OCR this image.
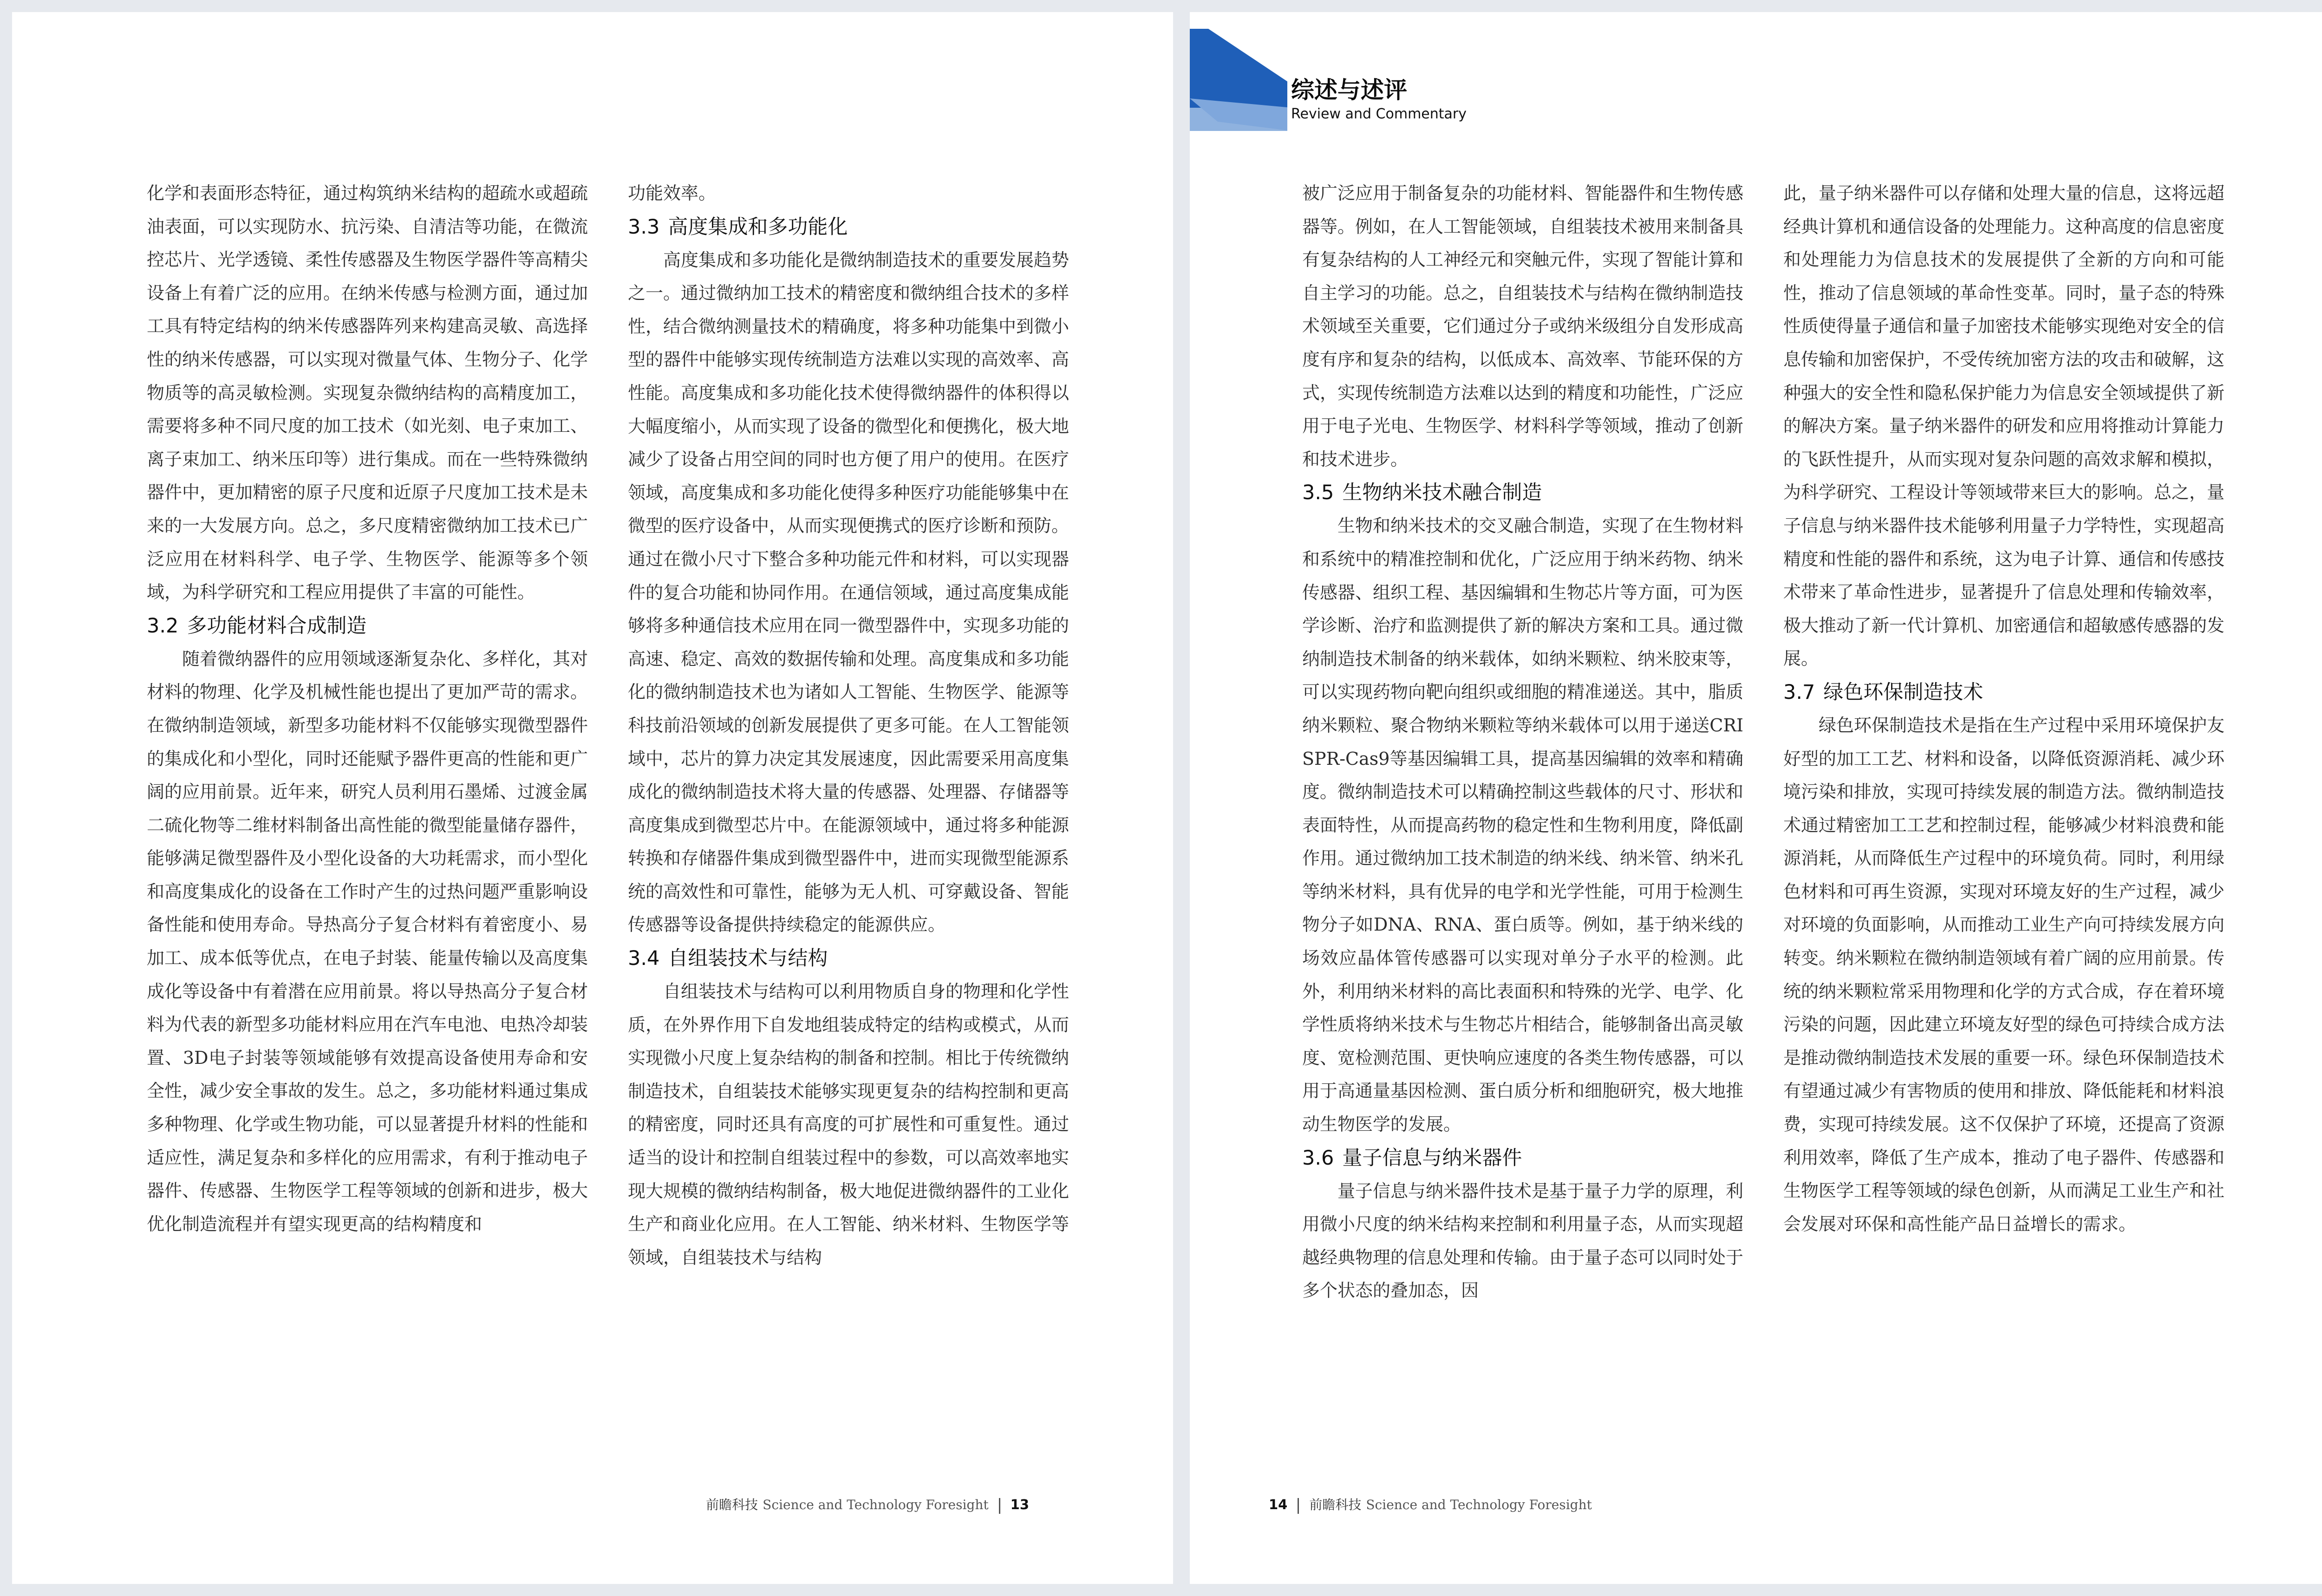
化学和表面形态特征，通过构筑纳米结构的超疏水或超疏油表面，可以实现防水、抗污染、自清洁等功能，在微流控芯片、光学透镜、柔性传感器及生物医学器件等高精尖设备上有着广泛的应用。在纳米传感与检测方面，通过加工具有特定结构的纳米传感器阵列来构建高灵敏、高选择性的纳米传感器，可以实现对微量气体、生物分子、化学物质等的高灵敏检测。实现复杂微纳结构的高精度加工，需要将多种不同尺度的加工技术（如光刻、电子束加工、离子束加工、纳米压印等）进行集成。而在一些特殊微纳器件中，更加精密的原子尺度和近原子尺度加工技术是未来的一大发展方向。总之，多尺度精密微纳加工技术已广泛应用在材料科学、电子学、生物医学、能源等多个领域，为科学研究和工程应用提供了丰富的可能性。

3.2 多功能材料合成制造

随着微纳器件的应用领域逐渐复杂化、多样化，其对材料的物理、化学及机械性能也提出了更加严苛的需求。在微纳制造领域，新型多功能材料不仅能够实现微型器件的集成化和小型化，同时还能赋予器件更高的性能和更广阔的应用前景。近年来，研究人员利用石墨烯、过渡金属二硫化物等二维材料制备出高性能的微型能量储存器件，能够满足微型器件及小型化设备的大功耗需求，而小型化和高度集成化的设备在工作时产生的过热问题严重影响设备性能和使用寿命。导热高分子复合材料有着密度小、易加工、成本低等优点，在电子封装、能量传输以及高度集成化等设备中有着潜在应用前景。将以导热高分子复合材料为代表的新型多功能材料应用在汽车电池、电热冷却装置、3D电子封装等领域能够有效提高设备使用寿命和安全性，减少安全事故的发生。总之，多功能材料通过集成多种物理、化学或生物功能，可以显著提升材料的性能和适应性，满足复杂和多样化的应用需求，有利于推动电子器件、传感器、生物医学工程等领域的创新和进步，极大优化制造流程并有望实现更高的结构精度和

功能效率。

3.3 高度集成和多功能化

高度集成和多功能化是微纳制造技术的重要发展趋势之一。通过微纳加工技术的精密度和微纳组合技术的多样性，结合微纳测量技术的精确度，将多种功能集中到微小型的器件中能够实现传统制造方法难以实现的高效率、高性能。高度集成和多功能化技术使得微纳器件的体积得以大幅度缩小，从而实现了设备的微型化和便携化，极大地减少了设备占用空间的同时也方便了用户的使用。在医疗领域，高度集成和多功能化使得多种医疗功能能够集中在微型的医疗设备中，从而实现便携式的医疗诊断和预防。通过在微小尺寸下整合多种功能元件和材料，可以实现器件的复合功能和协同作用。在通信领域，通过高度集成能够将多种通信技术应用在同一微型器件中，实现多功能的高速、稳定、高效的数据传输和处理。高度集成和多功能化的微纳制造技术也为诸如人工智能、生物医学、能源等科技前沿领域的创新发展提供了更多可能。在人工智能领域中，芯片的算力决定其发展速度，因此需要采用高度集成化的微纳制造技术将大量的传感器、处理器、存储器等高度集成到微型芯片中。在能源领域中，通过将多种能源转换和存储器件集成到微型器件中，进而实现微型能源系统的高效性和可靠性，能够为无人机、可穿戴设备、智能传感器等设备提供持续稳定的能源供应。

3.4 自组装技术与结构

自组装技术与结构可以利用物质自身的物理和化学性质，在外界作用下自发地组装成特定的结构或模式，从而实现微小尺度上复杂结构的制备和控制。相比于传统微纳制造技术，自组装技术能够实现更复杂的结构控制和更高的精密度，同时还具有高度的可扩展性和可重复性。通过适当的设计和控制自组装过程中的参数，可以高效率地实现大规模的微纳结构制备，极大地促进微纳器件的工业化生产和商业化应用。在人工智能、纳米材料、生物医学等领域，自组装技术与结构

前瞻科技 Science and Technology Foresight 13
综述与述评
Review and Commentary

被广泛应用于制备复杂的功能材料、智能器件和生物传感器等。例如，在人工智能领域，自组装技术被用来制备具有复杂结构的人工神经元和突触元件，实现了智能计算和自主学习的功能。总之，自组装技术与结构在微纳制造技术领域至关重要，它们通过分子或纳米级组分自发形成高度有序和复杂的结构，以低成本、高效率、节能环保的方式，实现传统制造方法难以达到的精度和功能性，广泛应用于电子光电、生物医学、材料科学等领域，推动了创新和技术进步。

3.5 生物纳米技术融合制造

生物和纳米技术的交叉融合制造，实现了在生物材料和系统中的精准控制和优化，广泛应用于纳米药物、纳米传感器、组织工程、基因编辑和生物芯片等方面，可为医学诊断、治疗和监测提供了新的解决方案和工具。通过微纳制造技术制备的纳米载体，如纳米颗粒、纳米胶束等，可以实现药物向靶向组织或细胞的精准递送。其中，脂质纳米颗粒、聚合物纳米颗粒等纳米载体可以用于递送CRISPR-Cas9等基因编辑工具，提高基因编辑的效率和精确度。微纳制造技术可以精确控制这些载体的尺寸、形状和表面特性，从而提高药物的稳定性和生物利用度，降低副作用。通过微纳加工技术制造的纳米线、纳米管、纳米孔等纳米材料，具有优异的电学和光学性能，可用于检测生物分子如DNA、RNA、蛋白质等。例如，基于纳米线的场效应晶体管传感器可以实现对单分子水平的检测。此外，利用纳米材料的高比表面积和特殊的光学、电学、化学性质将纳米技术与生物芯片相结合，能够制备出高灵敏度、宽检测范围、更快响应速度的各类生物传感器，可以用于高通量基因检测、蛋白质分析和细胞研究，极大地推动生物医学的发展。

3.6 量子信息与纳米器件

量子信息与纳米器件技术是基于量子力学的原理，利用微小尺度的纳米结构来控制和利用量子态，从而实现超越经典物理的信息处理和传输。由于量子态可以同时处于多个状态的叠加态，因

此，量子纳米器件可以存储和处理大量的信息，这将远超经典计算机和通信设备的处理能力。这种高度的信息密度和处理能力为信息技术的发展提供了全新的方向和可能性，推动了信息领域的革命性变革。同时，量子态的特殊性质使得量子通信和量子加密技术能够实现绝对安全的信息传输和加密保护，不受传统加密方法的攻击和破解，这种强大的安全性和隐私保护能力为信息安全领域提供了新的解决方案。量子纳米器件的研发和应用将推动计算能力的飞跃性提升，从而实现对复杂问题的高效求解和模拟，为科学研究、工程设计等领域带来巨大的影响。总之，量子信息与纳米器件技术能够利用量子力学特性，实现超高精度和性能的器件和系统，这为电子计算、通信和传感技术带来了革命性进步，显著提升了信息处理和传输效率，极大推动了新一代计算机、加密通信和超敏感传感器的发展。

3.7 绿色环保制造技术

绿色环保制造技术是指在生产过程中采用环境保护友好型的加工工艺、材料和设备，以降低资源消耗、减少环境污染和排放，实现可持续发展的制造方法。微纳制造技术通过精密加工工艺和控制过程，能够减少材料浪费和能源消耗，从而降低生产过程中的环境负荷。同时，利用绿色材料和可再生资源，实现对环境友好的生产过程，减少对环境的负面影响，从而推动工业生产向可持续发展方向转变。纳米颗粒在微纳制造领域有着广阔的应用前景。传统的纳米颗粒常采用物理和化学的方式合成，存在着环境污染的问题，因此建立环境友好型的绿色可持续合成方法是推动微纳制造技术发展的重要一环。绿色环保制造技术有望通过减少有害物质的使用和排放、降低能耗和材料浪费，实现可持续发展。这不仅保护了环境，还提高了资源利用效率，降低了生产成本，推动了电子器件、传感器和生物医学工程等领域的绿色创新，从而满足工业生产和社会发展对环保和高性能产品日益增长的需求。

14 前瞻科技 Science and Technology Foresight
